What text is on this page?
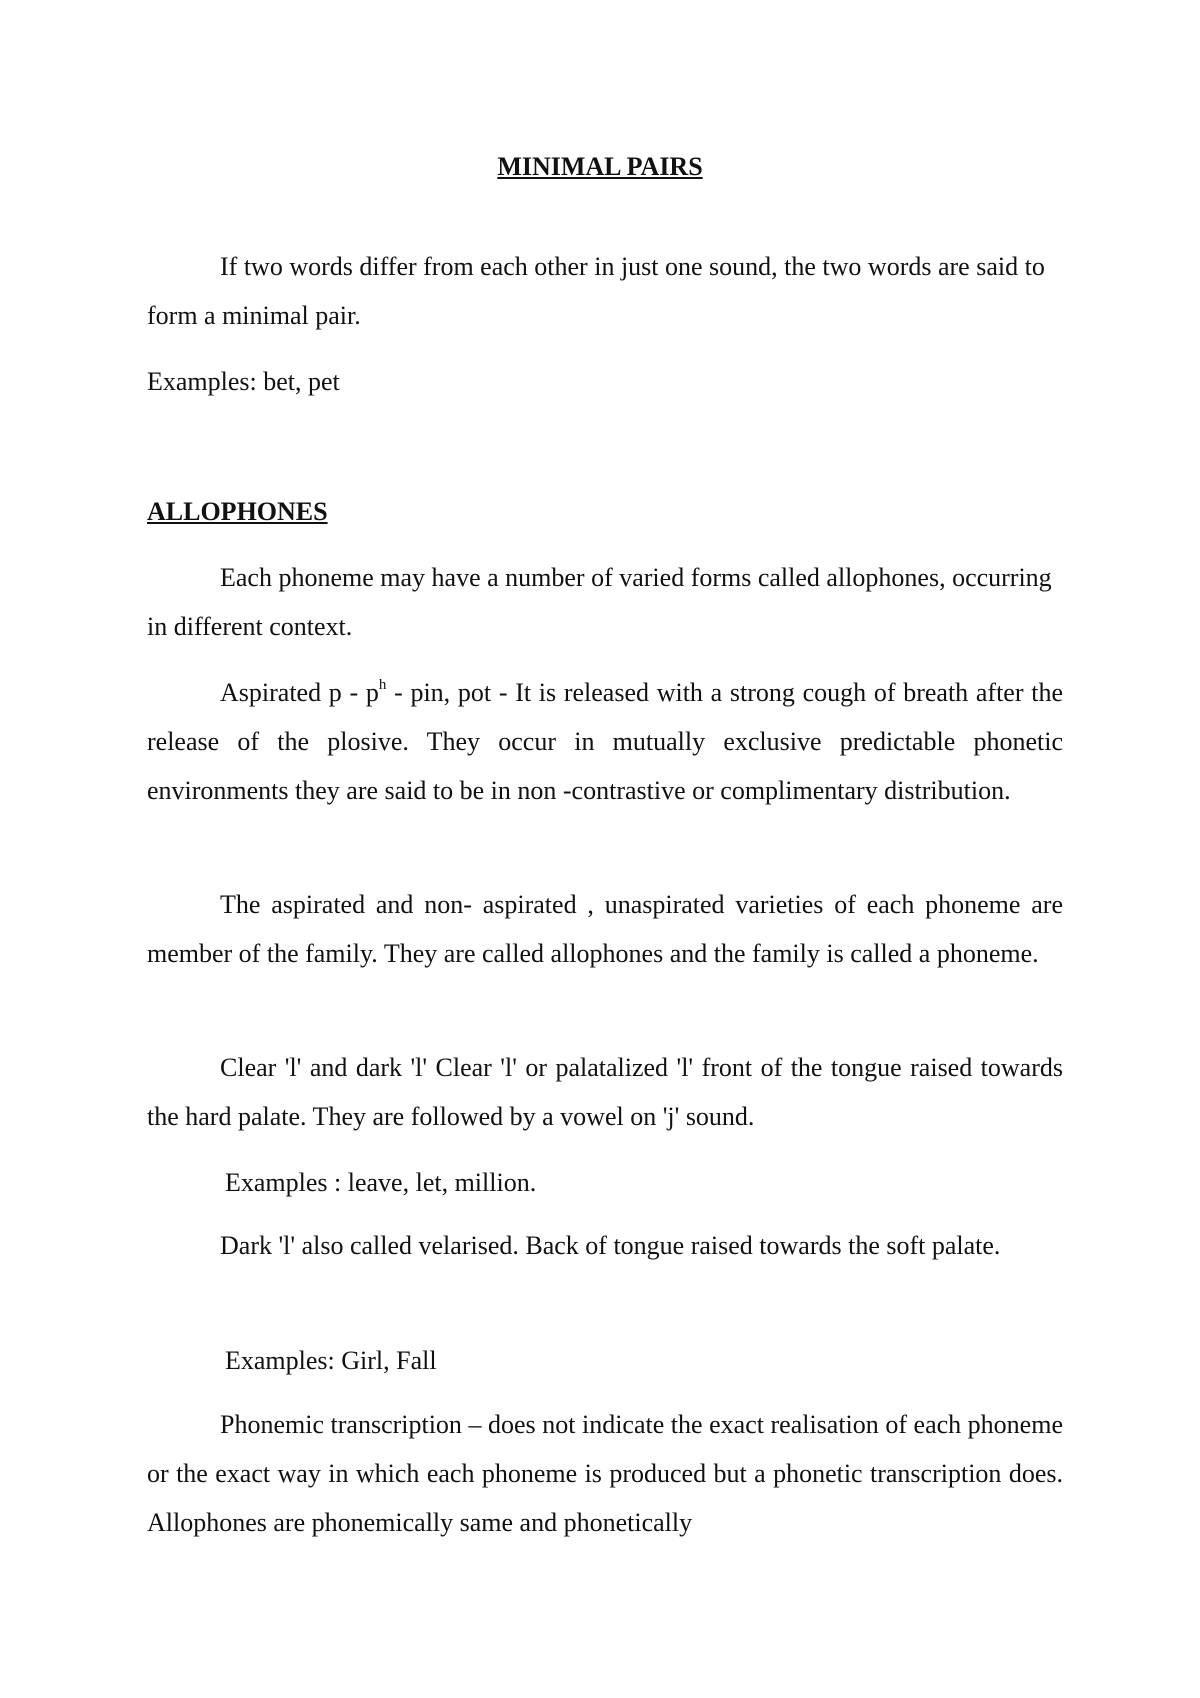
MINIMAL PAIRS

If two words differ from each other in just one sound, the two words are said to form a minimal pair.

Examples: bet, pet

ALLOPHONES

Each phoneme may have a number of varied forms called allophones, occurring in different context.

Aspirated p - $p^h$ - pin, pot - It is released with a strong cough of breath after the release of the plosive. They occur in mutually exclusive predictable phonetic environments they are said to be in non -contrastive or complimentary distribution.

The aspirated and non- aspirated , unaspirated varieties of each phoneme are member of the family. They are called allophones and the family is called a phoneme.

Clear 'l' and dark 'l' Clear 'l' or palatalized 'l' front of the tongue raised towards the hard palate. They are followed by a vowel on 'j' sound.

Examples : leave, let, million.

Dark 'l' also called velarised. Back of tongue raised towards the soft palate.

Examples: Girl, Fall

Phonemic transcription – does not indicate the exact realisation of each phoneme or the exact way in which each phoneme is produced but a phonetic transcription does. Allophones are phonemically same and phonetically
